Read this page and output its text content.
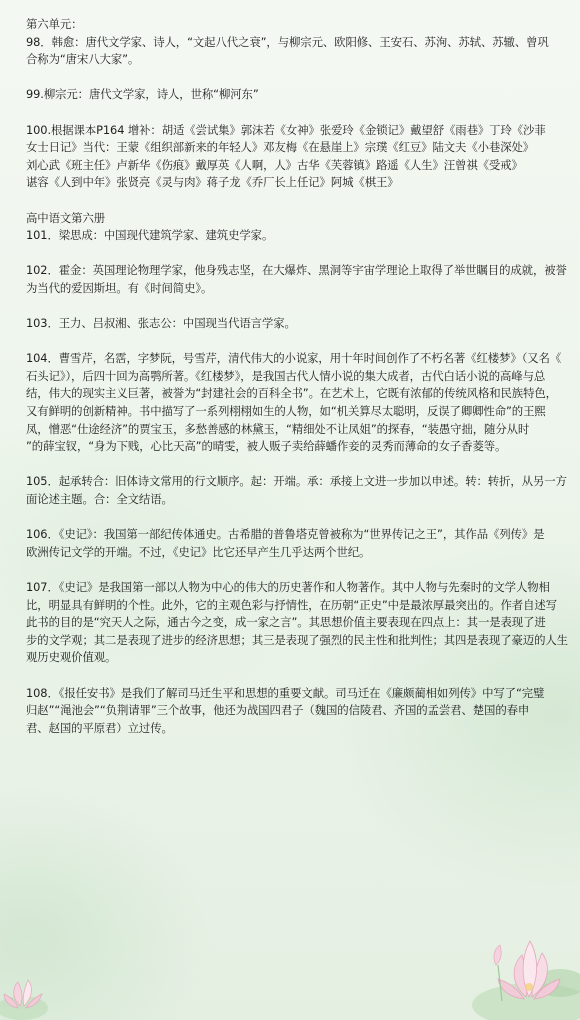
第六单元：

98．韩愈：唐代文学家、诗人，“文起八代之衰”，与柳宗元、欧阳修、王安石、苏洵、苏轼、苏辙、曾巩
合称为“唐宋八大家”。

99.柳宗元：唐代文学家，诗人，世称“柳河东”

100.根据课本P164 增补：胡适《尝试集》郭沫若《女神》张爱玲《金锁记》戴望舒《雨巷》丁玲《沙菲
女士日记》当代：王蒙《组织部新来的年轻人》邓友梅《在悬崖上》宗璞《红豆》陆文夫《小巷深处》
刘心武《班主任》卢新华《伤痕》戴厚英《人啊，人》古华《芙蓉镇》路遥《人生》汪曾祺《受戒》
谌容《人到中年》张贤亮《灵与肉》蒋子龙《乔厂长上任记》阿城《棋王》

高中语文第六册

101．梁思成：中国现代建筑学家、建筑史学家。

102．霍金：英国理论物理学家，他身残志坚，在大爆炸、黑洞等宇宙学理论上取得了举世瞩目的成就，被誉
为当代的爱因斯坦。有《时间简史》。

103．王力、吕叔湘、张志公：中国现当代语言学家。

104．曹雪芹，名霑，字梦阮，号雪芹，清代伟大的小说家，用十年时间创作了不朽名著《红楼梦》（又名《
石头记》），后四十回为高鹗所著。《红楼梦》，是我国古代人情小说的集大成者，古代白话小说的高峰与总
结，伟大的现实主义巨著，被誉为“封建社会的百科全书”。在艺术上，它既有浓郁的传统风格和民族特色，
又有鲜明的创新精神。书中描写了一系列栩栩如生的人物，如“机关算尽太聪明，反误了卿卿性命”的王熙
凤，憎恶“仕途经济”的贾宝玉，多愁善感的林黛玉，“精细处不让凤姐”的探春，“装愚守拙，随分从时
”的薛宝钗，“身为下贱，心比天高”的晴雯，被人贩子卖给薛蟠作妾的灵秀而薄命的女子香菱等。

105．起承转合：旧体诗文常用的行文顺序。起：开端。承：承接上文进一步加以申述。转：转折，从另一方
面论述主题。合：全文结语。

106．《史记》：我国第一部纪传体通史。古希腊的普鲁塔克曾被称为“世界传记之王”，其作品《列传》是
欧洲传记文学的开端。不过，《史记》比它还早产生几乎达两个世纪。

107．《史记》是我国第一部以人物为中心的伟大的历史著作和人物著作。其中人物与先秦时的文学人物相
比，明显具有鲜明的个性。此外，它的主观色彩与抒情性，在历朝“正史”中是最浓厚最突出的。作者自述写
此书的目的是“究天人之际，通古今之变，成一家之言”。其思想价值主要表现在四点上：其一是表现了进
步的文学观；其二是表现了进步的经济思想；其三是表现了强烈的民主性和批判性；其四是表现了豪迈的人生
观历史观价值观。

108．《报任安书》是我们了解司马迁生平和思想的重要文献。司马迁在《廉颇蔺相如列传》中写了“完璧
归赵”“渑池会”“负荆请罪”三个故事，他还为战国四君子（魏国的信陵君、齐国的孟尝君、楚国的春申
君、赵国的平原君）立过传。
